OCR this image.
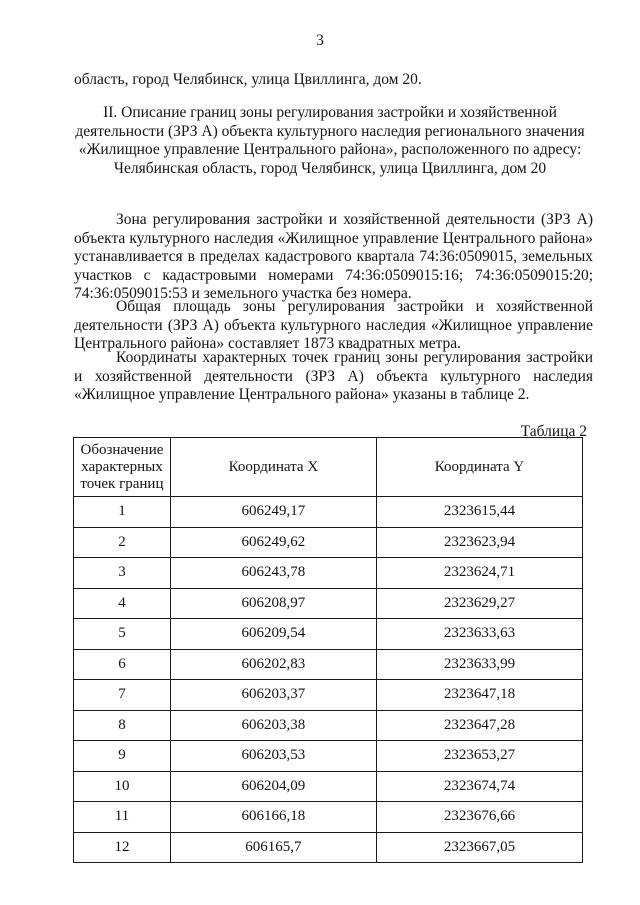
3
область, город Челябинск, улица Цвиллинга, дом 20.
II. Описание границ зоны регулирования застройки и хозяйственной
деятельности (ЗРЗ А) объекта культурного наследия регионального значения
«Жилищное управление Центрального района», расположенного по адресу:
Челябинская область, город Челябинск, улица Цвиллинга, дом 20
Зона регулирования застройки и хозяйственной деятельности (ЗРЗ А) объекта культурного наследия «Жилищное управление Центрального района» устанавливается в пределах кадастрового квартала 74:36:0509015, земельных участков с кадастровыми номерами 74:36:0509015:16; 74:36:0509015:20; 74:36:0509015:53 и земельного участка без номера.
Общая площадь зоны регулирования застройки и хозяйственной деятельности (ЗРЗ А) объекта культурного наследия «Жилищное управление Центрального района» составляет 1873 квадратных метра.
Координаты характерных точек границ зоны регулирования застройки и хозяйственной деятельности (ЗРЗ А) объекта культурного наследия «Жилищное управление Центрального района» указаны в таблице 2.
Таблица 2
Обозначение
характерных
точек границ	Координата X	Координата Y
1	606249,17	2323615,44
2	606249,62	2323623,94
3	606243,78	2323624,71
4	606208,97	2323629,27
5	606209,54	2323633,63
6	606202,83	2323633,99
7	606203,37	2323647,18
8	606203,38	2323647,28
9	606203,53	2323653,27
10	606204,09	2323674,74
11	606166,18	2323676,66
12	606165,7	2323667,05
